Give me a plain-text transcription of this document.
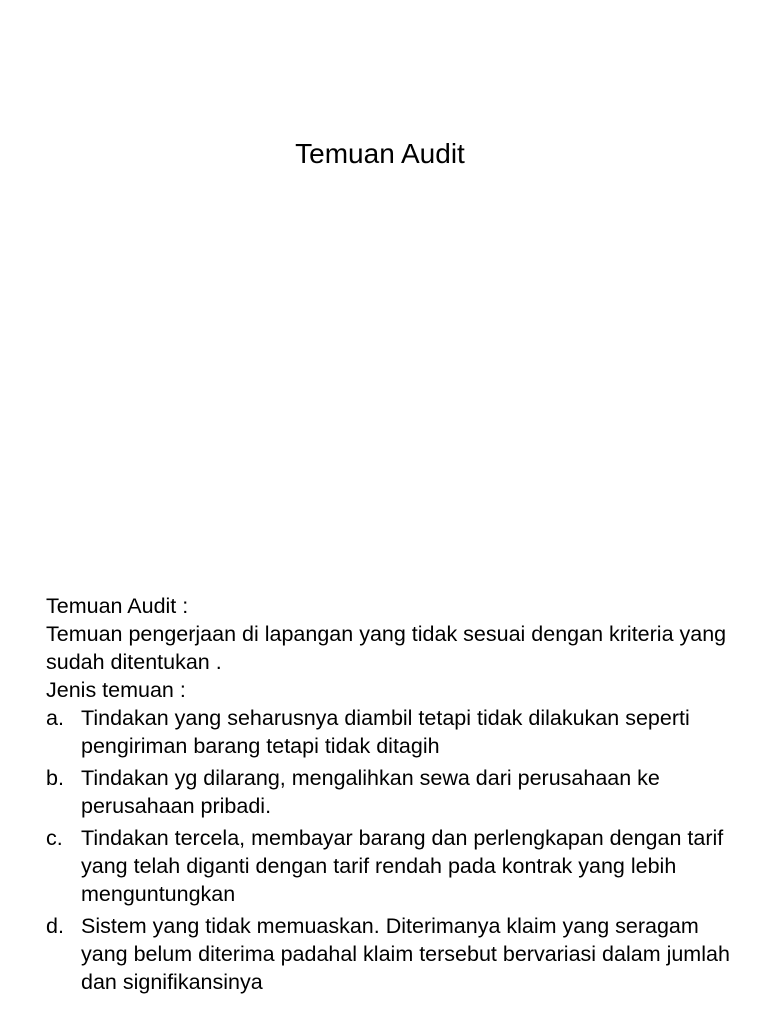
Temuan Audit

Temuan Audit :

Temuan pengerjaan di lapangan yang tidak sesuai dengan kriteria yang sudah ditentukan .

Jenis temuan :

a. Tindakan yang seharusnya diambil tetapi tidak dilakukan seperti pengiriman barang tetapi tidak ditagih
b. Tindakan yg dilarang, mengalihkan sewa dari perusahaan ke perusahaan pribadi.
c. Tindakan tercela, membayar barang dan perlengkapan dengan tarif yang telah diganti dengan tarif rendah pada kontrak yang lebih menguntungkan
d. Sistem yang tidak memuaskan. Diterimanya klaim yang seragam yang belum diterima padahal klaim tersebut bervariasi dalam jumlah dan signifikansinya
